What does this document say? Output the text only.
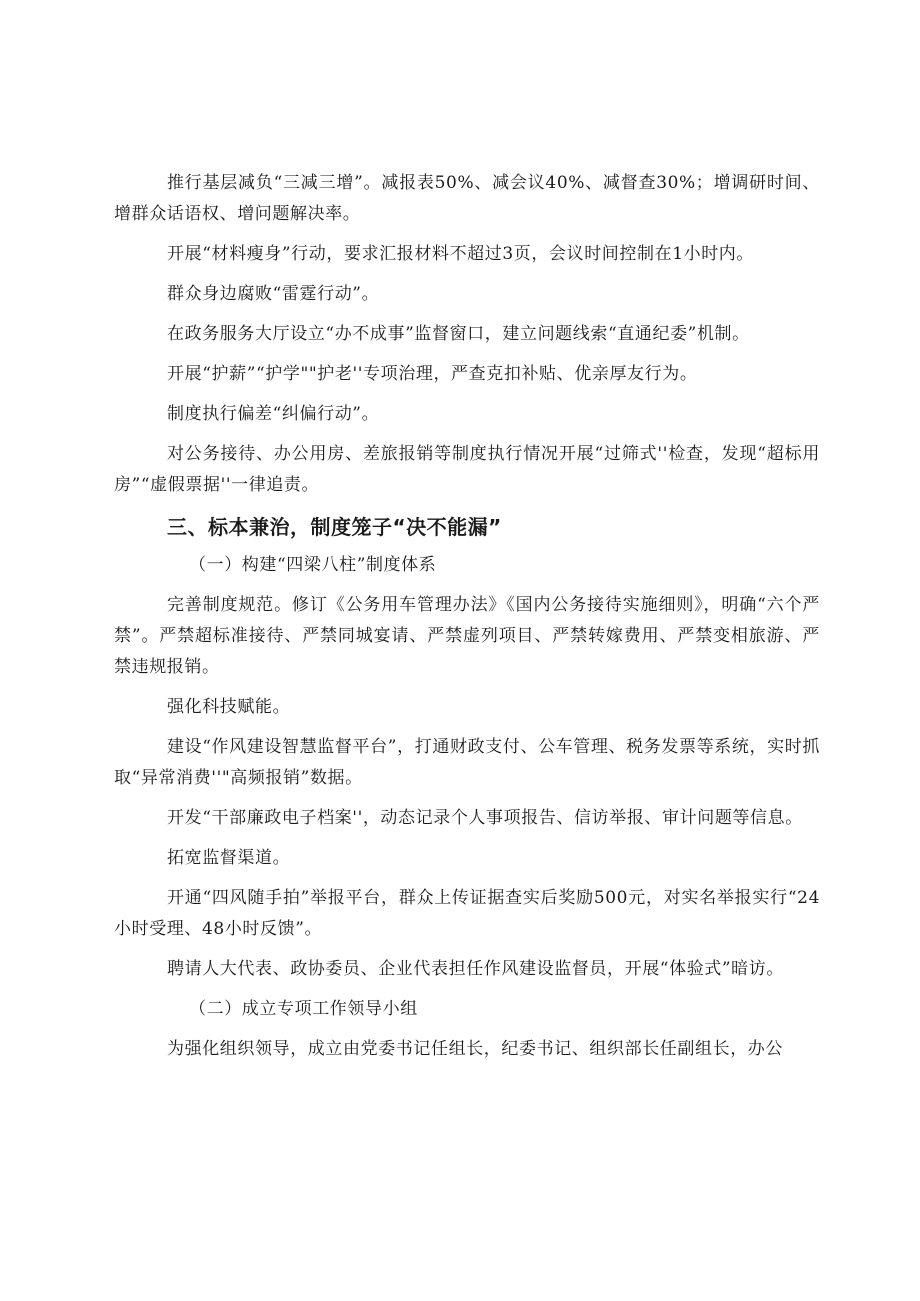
推行基层减负“三减三增”。减报表50%、减会议40%、减督查30%；增调研时间、增群众话语权、增问题解决率。

开展“材料瘦身”行动，要求汇报材料不超过3页，会议时间控制在1小时内。

群众身边腐败“雷霆行动”。

在政务服务大厅设立“办不成事”监督窗口，建立问题线索“直通纪委”机制。

开展“护薪”“护学""护老''专项治理，严查克扣补贴、优亲厚友行为。

制度执行偏差“纠偏行动”。

对公务接待、办公用房、差旅报销等制度执行情况开展“过筛式''检查，发现“超标用房”“虚假票据''一律追责。

三、标本兼治，制度笼子“决不能漏”

（一）构建“四梁八柱”制度体系

完善制度规范。修订《公务用车管理办法》《国内公务接待实施细则》，明确“六个严禁”。严禁超标准接待、严禁同城宴请、严禁虚列项目、严禁转嫁费用、严禁变相旅游、严禁违规报销。

强化科技赋能。

建设“作风建设智慧监督平台”，打通财政支付、公车管理、税务发票等系统，实时抓取“异常消费''"高频报销”数据。

开发“干部廉政电子档案''，动态记录个人事项报告、信访举报、审计问题等信息。

拓宽监督渠道。

开通“四风随手拍”举报平台，群众上传证据查实后奖励500元，对实名举报实行“24小时受理、48小时反馈”。

聘请人大代表、政协委员、企业代表担任作风建设监督员，开展“体验式”暗访。

（二）成立专项工作领导小组

为强化组织领导，成立由党委书记任组长，纪委书记、组织部长任副组长，办公
